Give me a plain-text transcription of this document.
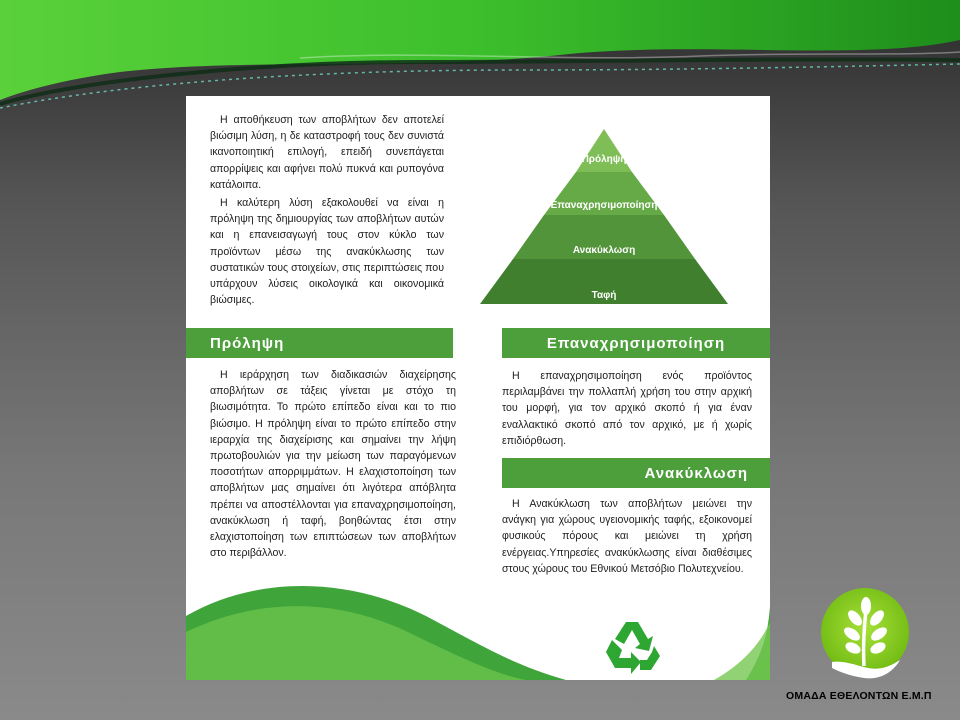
Η αποθήκευση των αποβλήτων δεν αποτελεί βιώσιμη λύση, η δε καταστροφή τους δεν συνιστά ικανοποιητική επιλογή, επειδή συνεπάγεται απορρίψεις και αφήνει πολύ πυκνά και ρυπογόνα κατάλοιπα.

Η καλύτερη λύση εξακολουθεί να είναι η πρόληψη της δημιουργίας των αποβλήτων αυτών και η επανεισαγωγή τους στον κύκλο των προϊόντων μέσω της ανακύκλωσης των συστατικών τους στοιχείων, στις περιπτώσεις που υπάρχουν λύσεις οικολογικά και οικονομικά βιώσιμες.

Πρόληψη
Επαναχρησιμοποίηση
Ανακύκλωση
Ταφή
Πρόληψη

Η ιεράρχηση των διαδικασιών διαχείρησης αποβλήτων σε τάξεις γίνεται με στόχο τη βιωσιμότητα. Το πρώτο επίπεδο είναι και το πιο βιώσιμο. Η πρόληψη είναι το πρώτο επίπεδο στην ιεραρχία της διαχείρισης και σημαίνει την λήψη πρωτοβουλιών για την μείωση των παραγόμενων ποσοτήτων απορριμμάτων. Η ελαχιστοποίηση των αποβλήτων μας σημαίνει ότι λιγότερα απόβλητα πρέπει να αποστέλλονται για επαναχρησιμοποίηση, ανακύκλωση ή ταφή, βοηθώντας έτσι στην ελαχιστοποίηση των επιπτώσεων των αποβλήτων στο περιβάλλον.

Επαναχρησιμοποίηση

Η επαναχρησιμοποίηση ενός προϊόντος περιλαμβάνει την πολλαπλή χρήση του στην αρχική του μορφή, για τον αρχικό σκοπό ή για έναν εναλλακτικό σκοπό από τον αρχικό, με ή χωρίς επιδιόρθωση.

Ανακύκλωση

Η Ανακύκλωση των αποβλήτων μειώνει την ανάγκη για χώρους υγειονομικής ταφής, εξοικονομεί φυσικούς πόρους και μειώνει τη χρήση ενέργειας.Υπηρεσίες ανακύκλωσης είναι διαθέσιμες στους χώρους του Εθνικού Μετσόβιο Πολυτεχνείου.

ΟΜΑΔΑ ΕΘΕΛΟΝΤΩΝ Ε.Μ.Π
